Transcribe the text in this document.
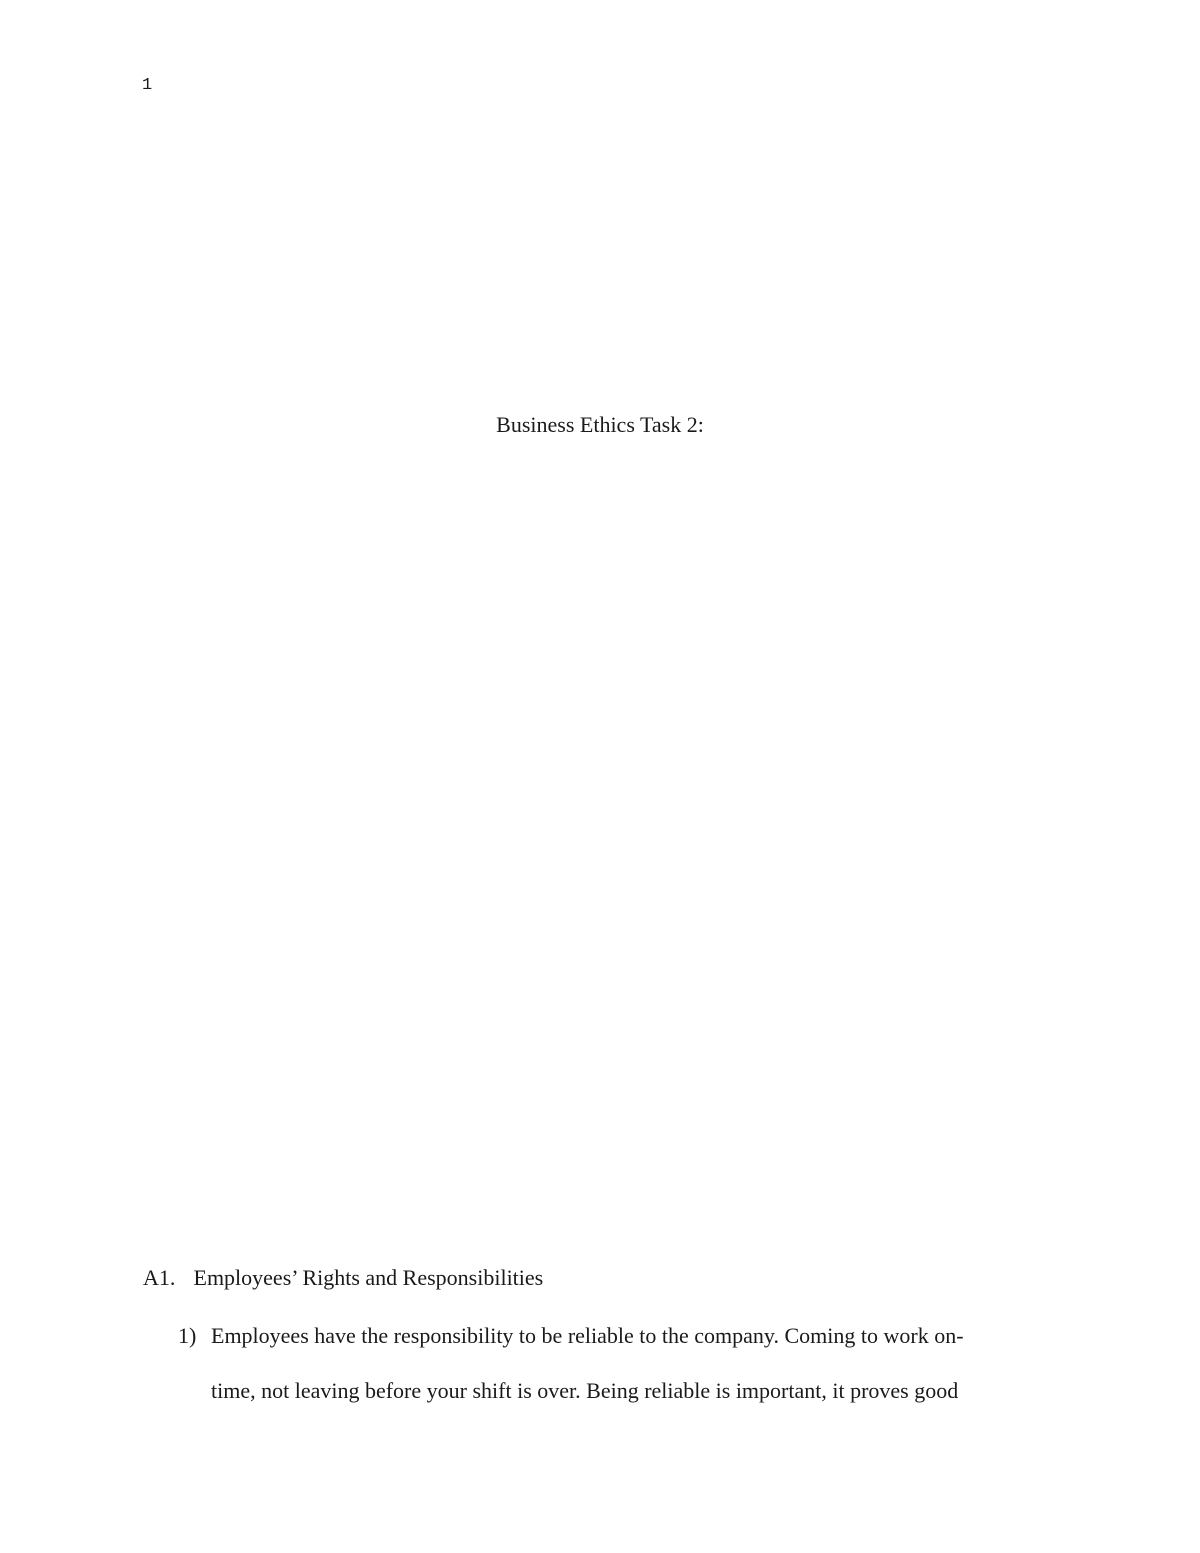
1
Business Ethics Task 2:
A1. Employees’ Rights and Responsibilities
1) Employees have the responsibility to be reliable to the company. Coming to work on-
time, not leaving before your shift is over. Being reliable is important, it proves good
